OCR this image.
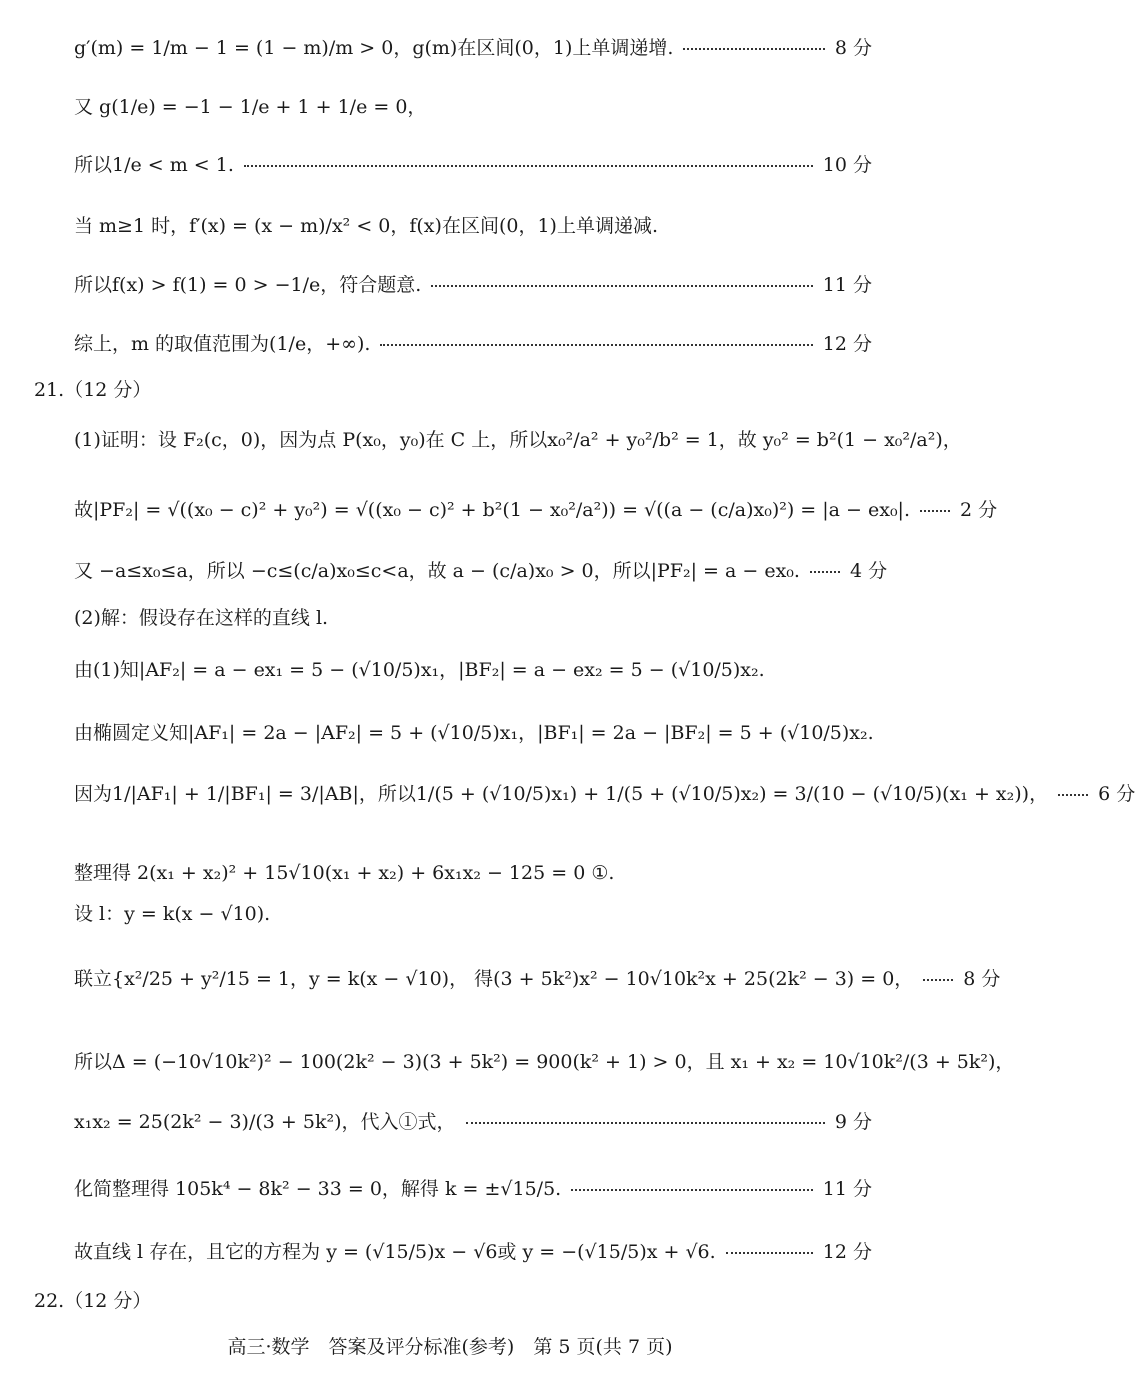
g′(m) = 1/m − 1 = (1 − m)/m > 0，g(m)在区间(0，1)上单调递增.	8 分
又 g(1/e) = −1 − 1/e + 1 + 1/e = 0，
所以1/e < m < 1.	10 分
当 m≥1 时，f′(x) = (x − m)/x² < 0，f(x)在区间(0，1)上单调递减.
所以f(x) > f(1) = 0 > −1/e，符合题意.	11 分
综上，m 的取值范围为(1/e，+∞).	12 分
21.（12 分）
(1)证明：设 F₂(c，0)，因为点 P(x₀，y₀)在 C 上，所以x₀²/a² + y₀²/b² = 1，故 y₀² = b²(1 − x₀²/a²)，
故|PF₂| = √((x₀ − c)² + y₀²) = √((x₀ − c)² + b²(1 − x₀²/a²)) = √((a − (c/a)x₀)²) = |a − ex₀|.	2 分
又 −a≤x₀≤a，所以 −c≤(c/a)x₀≤c<a，故 a − (c/a)x₀ > 0，所以|PF₂| = a − ex₀.	4 分
(2)解：假设存在这样的直线 l.
由(1)知|AF₂| = a − ex₁ = 5 − (√10/5)x₁，|BF₂| = a − ex₂ = 5 − (√10/5)x₂.
由椭圆定义知|AF₁| = 2a − |AF₂| = 5 + (√10/5)x₁，|BF₁| = 2a − |BF₂| = 5 + (√10/5)x₂.
因为1/|AF₁| + 1/|BF₁| = 3/|AB|，所以1/(5 + (√10/5)x₁) + 1/(5 + (√10/5)x₂) = 3/(10 − (√10/5)(x₁ + x₂))，	6 分
整理得 2(x₁ + x₂)² + 15√10(x₁ + x₂) + 6x₁x₂ − 125 = 0 ①.
设 l：y = k(x − √10).
联立{x²/25 + y²/15 = 1，y = k(x − √10)， 得(3 + 5k²)x² − 10√10k²x + 25(2k² − 3) = 0，	8 分
所以Δ = (−10√10k²)² − 100(2k² − 3)(3 + 5k²) = 900(k² + 1) > 0，且 x₁ + x₂ = 10√10k²/(3 + 5k²)，
x₁x₂ = 25(2k² − 3)/(3 + 5k²)，代入①式，	9 分
化简整理得 105k⁴ − 8k² − 33 = 0，解得 k = ±√15/5.	11 分
故直线 l 存在，且它的方程为 y = (√15/5)x − √6或 y = −(√15/5)x + √6.	12 分
22.（12 分）
高三·数学　答案及评分标准(参考)　第 5 页(共 7 页)
